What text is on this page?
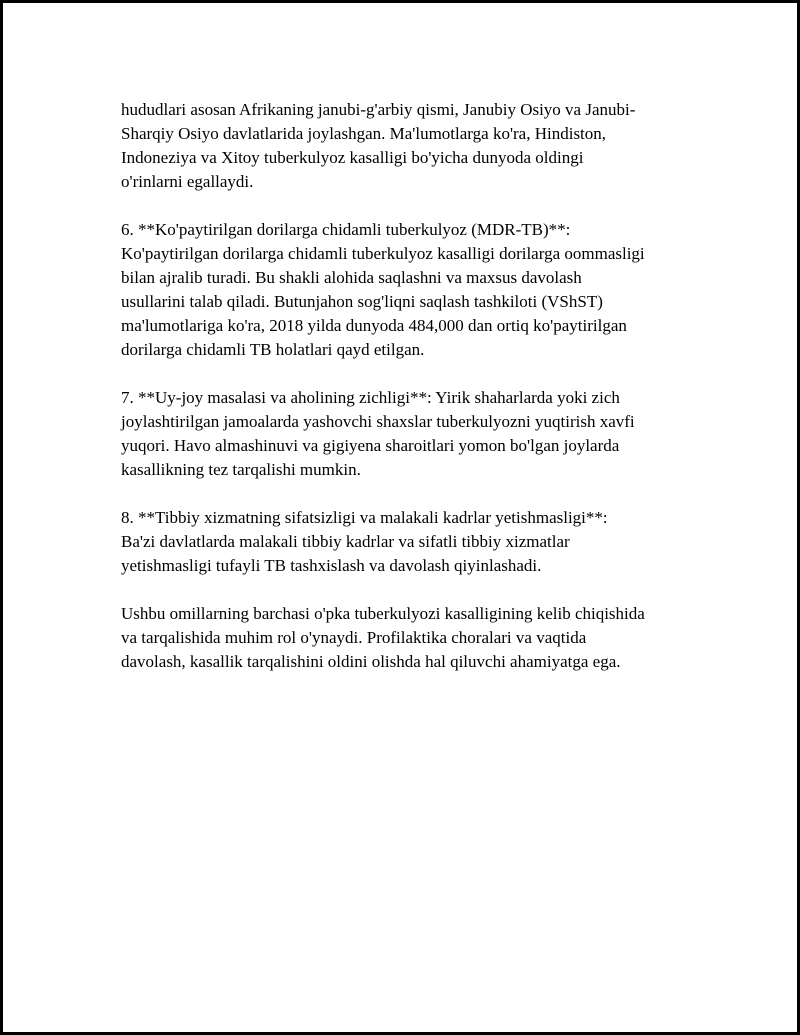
hududlari asosan Afrikaning janubi-g'arbiy qismi, Janubiy Osiyo va Janubi-
Sharqiy Osiyo davlatlarida joylashgan. Ma'lumotlarga ko'ra, Hindiston,
Indoneziya va Xitoy tuberkulyoz kasalligi bo'yicha dunyoda oldingi
o'rinlarni egallaydi.
6. **Ko'paytirilgan dorilarga chidamli tuberkulyoz (MDR-TB)**:
Ko'paytirilgan dorilarga chidamli tuberkulyoz kasalligi dorilarga oommasligi
bilan ajralib turadi. Bu shakli alohida saqlashni va maxsus davolash
usullarini talab qiladi. Butunjahon sog'liqni saqlash tashkiloti (VShST)
ma'lumotlariga ko'ra, 2018 yilda dunyoda 484,000 dan ortiq ko'paytirilgan
dorilarga chidamli TB holatlari qayd etilgan.
7. **Uy-joy masalasi va aholining zichligi**: Yirik shaharlarda yoki zich
joylashtirilgan jamoalarda yashovchi shaxslar tuberkulyozni yuqtirish xavfi
yuqori. Havo almashinuvi va gigiyena sharoitlari yomon bo'lgan joylarda
kasallikning tez tarqalishi mumkin.
8. **Tibbiy xizmatning sifatsizligi va malakali kadrlar yetishmasligi**:
Ba'zi davlatlarda malakali tibbiy kadrlar va sifatli tibbiy xizmatlar
yetishmasligi tufayli TB tashxislash va davolash qiyinlashadi.
Ushbu omillarning barchasi o'pka tuberkulyozi kasalligining kelib chiqishida
va tarqalishida muhim rol o'ynaydi. Profilaktika choralari va vaqtida
davolash, kasallik tarqalishini oldini olishda hal qiluvchi ahamiyatga ega.
